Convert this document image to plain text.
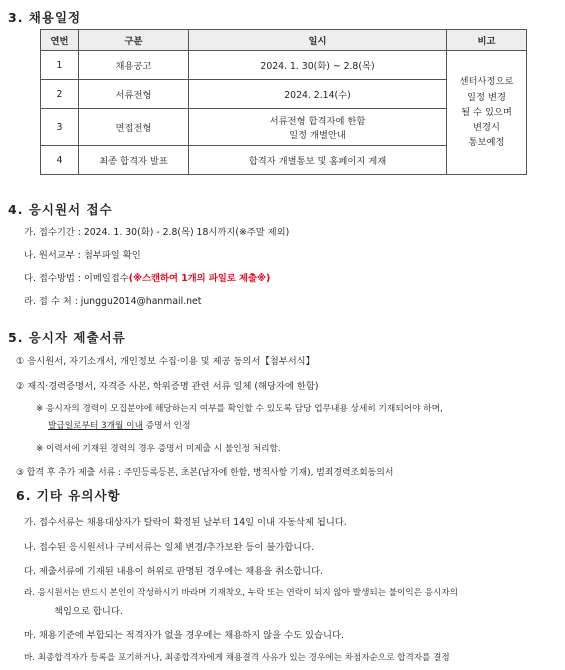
3. 채용일정
연번	구분	일시	비고
1	채용공고	2024. 1. 30(화) ~ 2.8(목)	센터사정으로
일정 변경
될 수 있으며
변경시
통보예정

2	서류전형	2024. 2.14(수)	
3	면접전형	서류전형 합격자에 한함
일정 개별안내	

4	최종 합격자 발표	합격자 개별통보 및 홈페이지 게재	
4. 응시원서 접수
가. 접수기간 : 2024. 1. 30(화) - 2.8(목) 18시까지(※주말 제외)
나. 원서교부 : 첨부파일 확인
다. 접수방법 : 이메일접수(※스캔하여 1개의 파일로 제출※)
라. 접 수 처 : junggu2014@hanmail.net
5. 응시자 제출서류
① 응시원서, 자기소개서, 개인정보 수집·이용 및 제공 동의서【첨부서식】
② 재직·경력증명서, 자격증 사본, 학위증명 관련 서류 일체 (해당자에 한함)
※ 응시자의 경력이 모집분야에 해당하는지 여부를 확인할 수 있도록 담당 업무내용 상세히 기재되어야 하며,
발급일로부터 3개월 이내 증명서 인정
※ 이력서에 기재된 경력의 경우 증명서 미제출 시 불인정 처리함.
③ 합격 후 추가 제출 서류 : 주민등록등본, 초본(남자에 한함, 병적사항 기재), 범죄경력조회동의서
6. 기타 유의사항
가. 접수서류는 채용대상자가 탈락이 확정된 날부터 14일 이내 자동삭제 됩니다.
나. 접수된 응시원서나 구비서류는 일체 변경/추가보완 등이 불가합니다.
다. 제출서류에 기재된 내용이 허위로 판명된 경우에는 채용을 취소합니다.
라. 응시원서는 반드시 본인이 작성하시기 바라며 기재착오, 누락 또는 연락이 되지 않아 발생되는 불이익은 응시자의
책임으로 합니다.
마. 채용기준에 부합되는 적격자가 없을 경우에는 채용하지 않을 수도 있습니다.
바. 최종합격자가 등록을 포기하거나, 최종합격자에게 채용결격 사유가 있는 경우에는 차점자순으로 합격자를 결정
